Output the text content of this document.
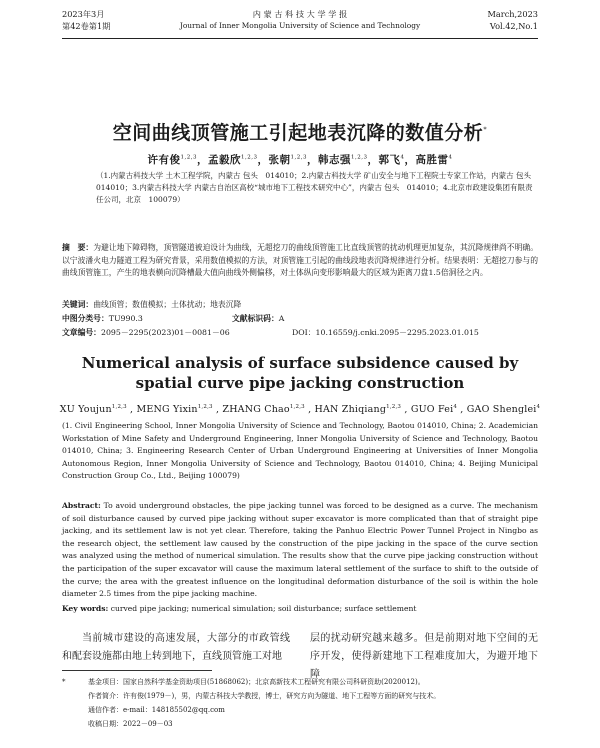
2023年3月
第42卷第1期
内 蒙 古 科 技 大 学 学 报
Journal of Inner Mongolia University of Science and Technology
March,2023
Vol.42,No.1
空间曲线顶管施工引起地表沉降的数值分析*
许有俊$^{1,2,3}$，孟毅欣$^{1,2,3}$，张朝$^{1,2,3}$，韩志强$^{1,2,3}$，郭飞$^4$，高胜雷$^4$
（1.内蒙古科技大学 土木工程学院，内蒙古 包头　014010；2.内蒙古科技大学 矿山安全与地下工程院士专家工作站，内蒙古 包头　014010；3.内蒙古科技大学 内蒙古自治区高校“城市地下工程技术研究中心”，内蒙古 包头　014010；4.北京市政建设集团有限责任公司，北京　100079）
摘　要：为避让地下障碍物，顶管隧道被迫设计为曲线，无超挖刀的曲线顶管施工比直线顶管的扰动机理更加复杂，其沉降规律尚不明确。以宁波潘火电力隧道工程为研究背景，采用数值模拟的方法，对顶管施工引起的曲线段地表沉降规律进行分析。结果表明：无超挖刀参与的曲线顶管施工，产生的地表横向沉降槽最大值向曲线外侧偏移，对土体纵向变形影响最大的区域为距离刀盘1.5倍洞径之内。
关键词：曲线顶管；数值模拟；土体扰动；地表沉降
中图分类号：TU990.3	文献标识码：A
文章编号：2095－2295(2023)01－0081－06	DOI：10.16559/j.cnki.2095－2295.2023.01.015
Numerical analysis of surface subsidence caused by
spatial curve pipe jacking construction
XU Youjun$^{1,2,3}$ , MENG Yixin$^{1,2,3}$ , ZHANG Chao$^{1,2,3}$ , HAN Zhiqiang$^{1,2,3}$ , GUO Fei$^4$ , GAO Shenglei$^4$
(1. Civil Engineering School, Inner Mongolia University of Science and Technology, Baotou 014010, China; 2. Academician Workstation of Mine Safety and Underground Engineering, Inner Mongolia University of Science and Technology, Baotou 014010, China; 3. Engineering Research Center of Urban Underground Engineering at Universities of Inner Mongolia Autonomous Region, Inner Mongolia University of Science and Technology, Baotou 014010, China; 4. Beijing Municipal Construction Group Co., Ltd., Beijing 100079)
Abstract: To avoid underground obstacles, the pipe jacking tunnel was forced to be designed as a curve. The mechanism of soil disturbance caused by curved pipe jacking without super excavator is more complicated than that of straight pipe jacking, and its settlement law is not yet clear. Therefore, taking the Panhuo Electric Power Tunnel Project in Ningbo as the research object, the settlement law caused by the construction of the pipe jacking in the space of the curve section was analyzed using the method of numerical simulation. The results show that the curve pipe jacking construction without the participation of the super excavator will cause the maximum lateral settlement of the surface to shift to the outside of the curve; the area with the greatest influence on the longitudinal deformation disturbance of the soil is within the hole diameter 2.5 times from the pipe jacking machine.
Key words: curved pipe jacking; numerical simulation; soil disturbance; surface settlement
当前城市建设的高速发展，大部分的市政管线和配套设施都由地上转到地下，直线顶管施工对地
层的扰动研究越来越多。但是前期对地下空间的无序开发，使得新建地下工程难度加大，为避开地下障
*	基金项目：国家自然科学基金资助项目(51868062)；北京高新技术工程研究有限公司科研资助(2020012)。
作者简介：许有俊(1979－)，男，内蒙古科技大学教授，博士，研究方向为隧道、地下工程等方面的研究与技术。
通信作者：e-mail：148185502@qq.com
收稿日期：2022－09－03
